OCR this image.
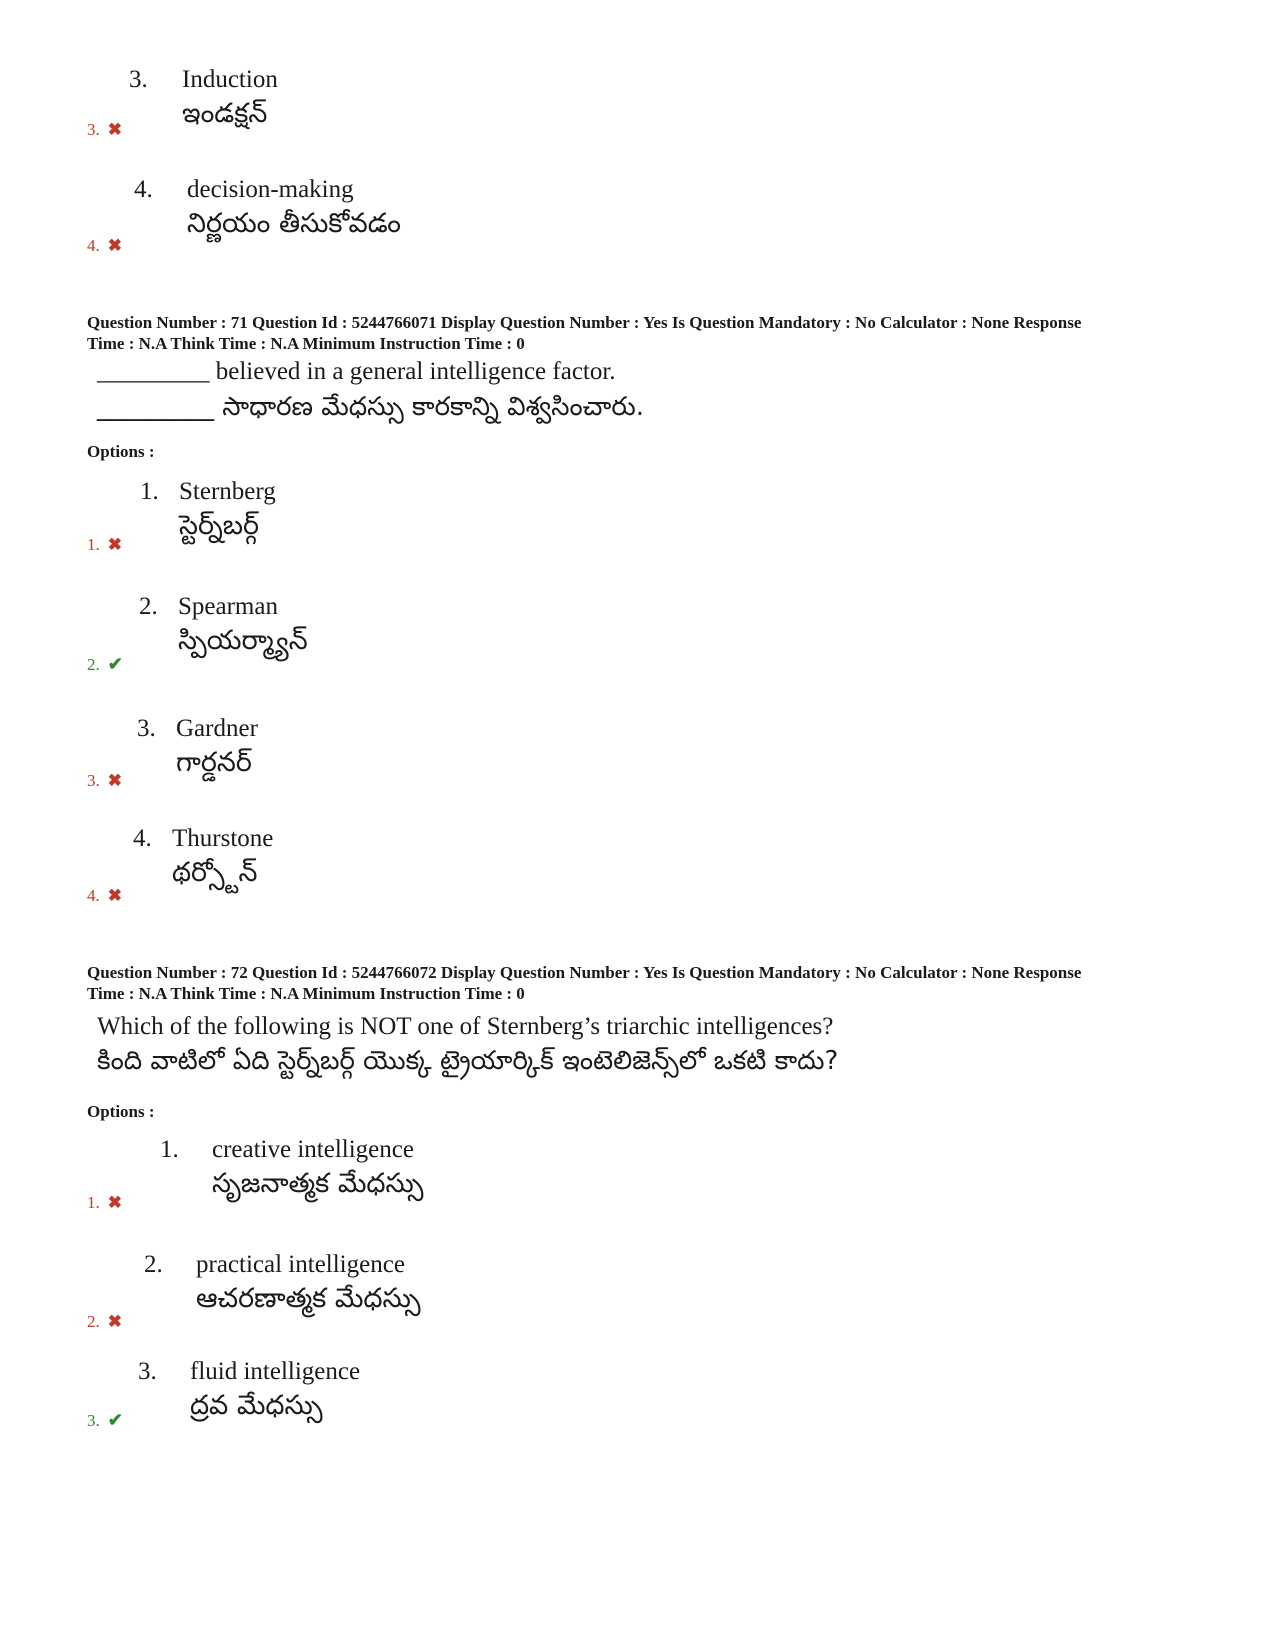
3. Induction
ఇండక్షన్
3. ✖
4. decision-making
నిర్ణయం తీసుకోవడం
4. ✖
Question Number : 71 Question Id : 5244766071 Display Question Number : Yes Is Question Mandatory : No Calculator : None Response
Time : N.A Think Time : N.A Minimum Instruction Time : 0
_________ believed in a general intelligence factor.
_________ సాధారణ మేధస్సు కారకాన్ని విశ్వసించారు.
Options :
1. Sternberg
స్టెర్న్‌బర్గ్
1. ✖
2. Spearman
స్పియర్మ్యాన్
2. ✔
3. Gardner
గార్డనర్
3. ✖
4. Thurstone
థర్స్టోన్
4. ✖
Question Number : 72 Question Id : 5244766072 Display Question Number : Yes Is Question Mandatory : No Calculator : None Response
Time : N.A Think Time : N.A Minimum Instruction Time : 0
Which of the following is NOT one of Sternberg’s triarchic intelligences?
కింది వాటిలో ఏది స్టెర్న్‌బర్గ్ యొక్క ట్రైయార్కిక్ ఇంటెలిజెన్స్‌లో ఒకటి కాదు?
Options :
1. creative intelligence
సృజనాత్మక మేధస్సు
1. ✖
2. practical intelligence
ఆచరణాత్మక మేధస్సు
2. ✖
3. fluid intelligence
ద్రవ మేధస్సు
3. ✔
